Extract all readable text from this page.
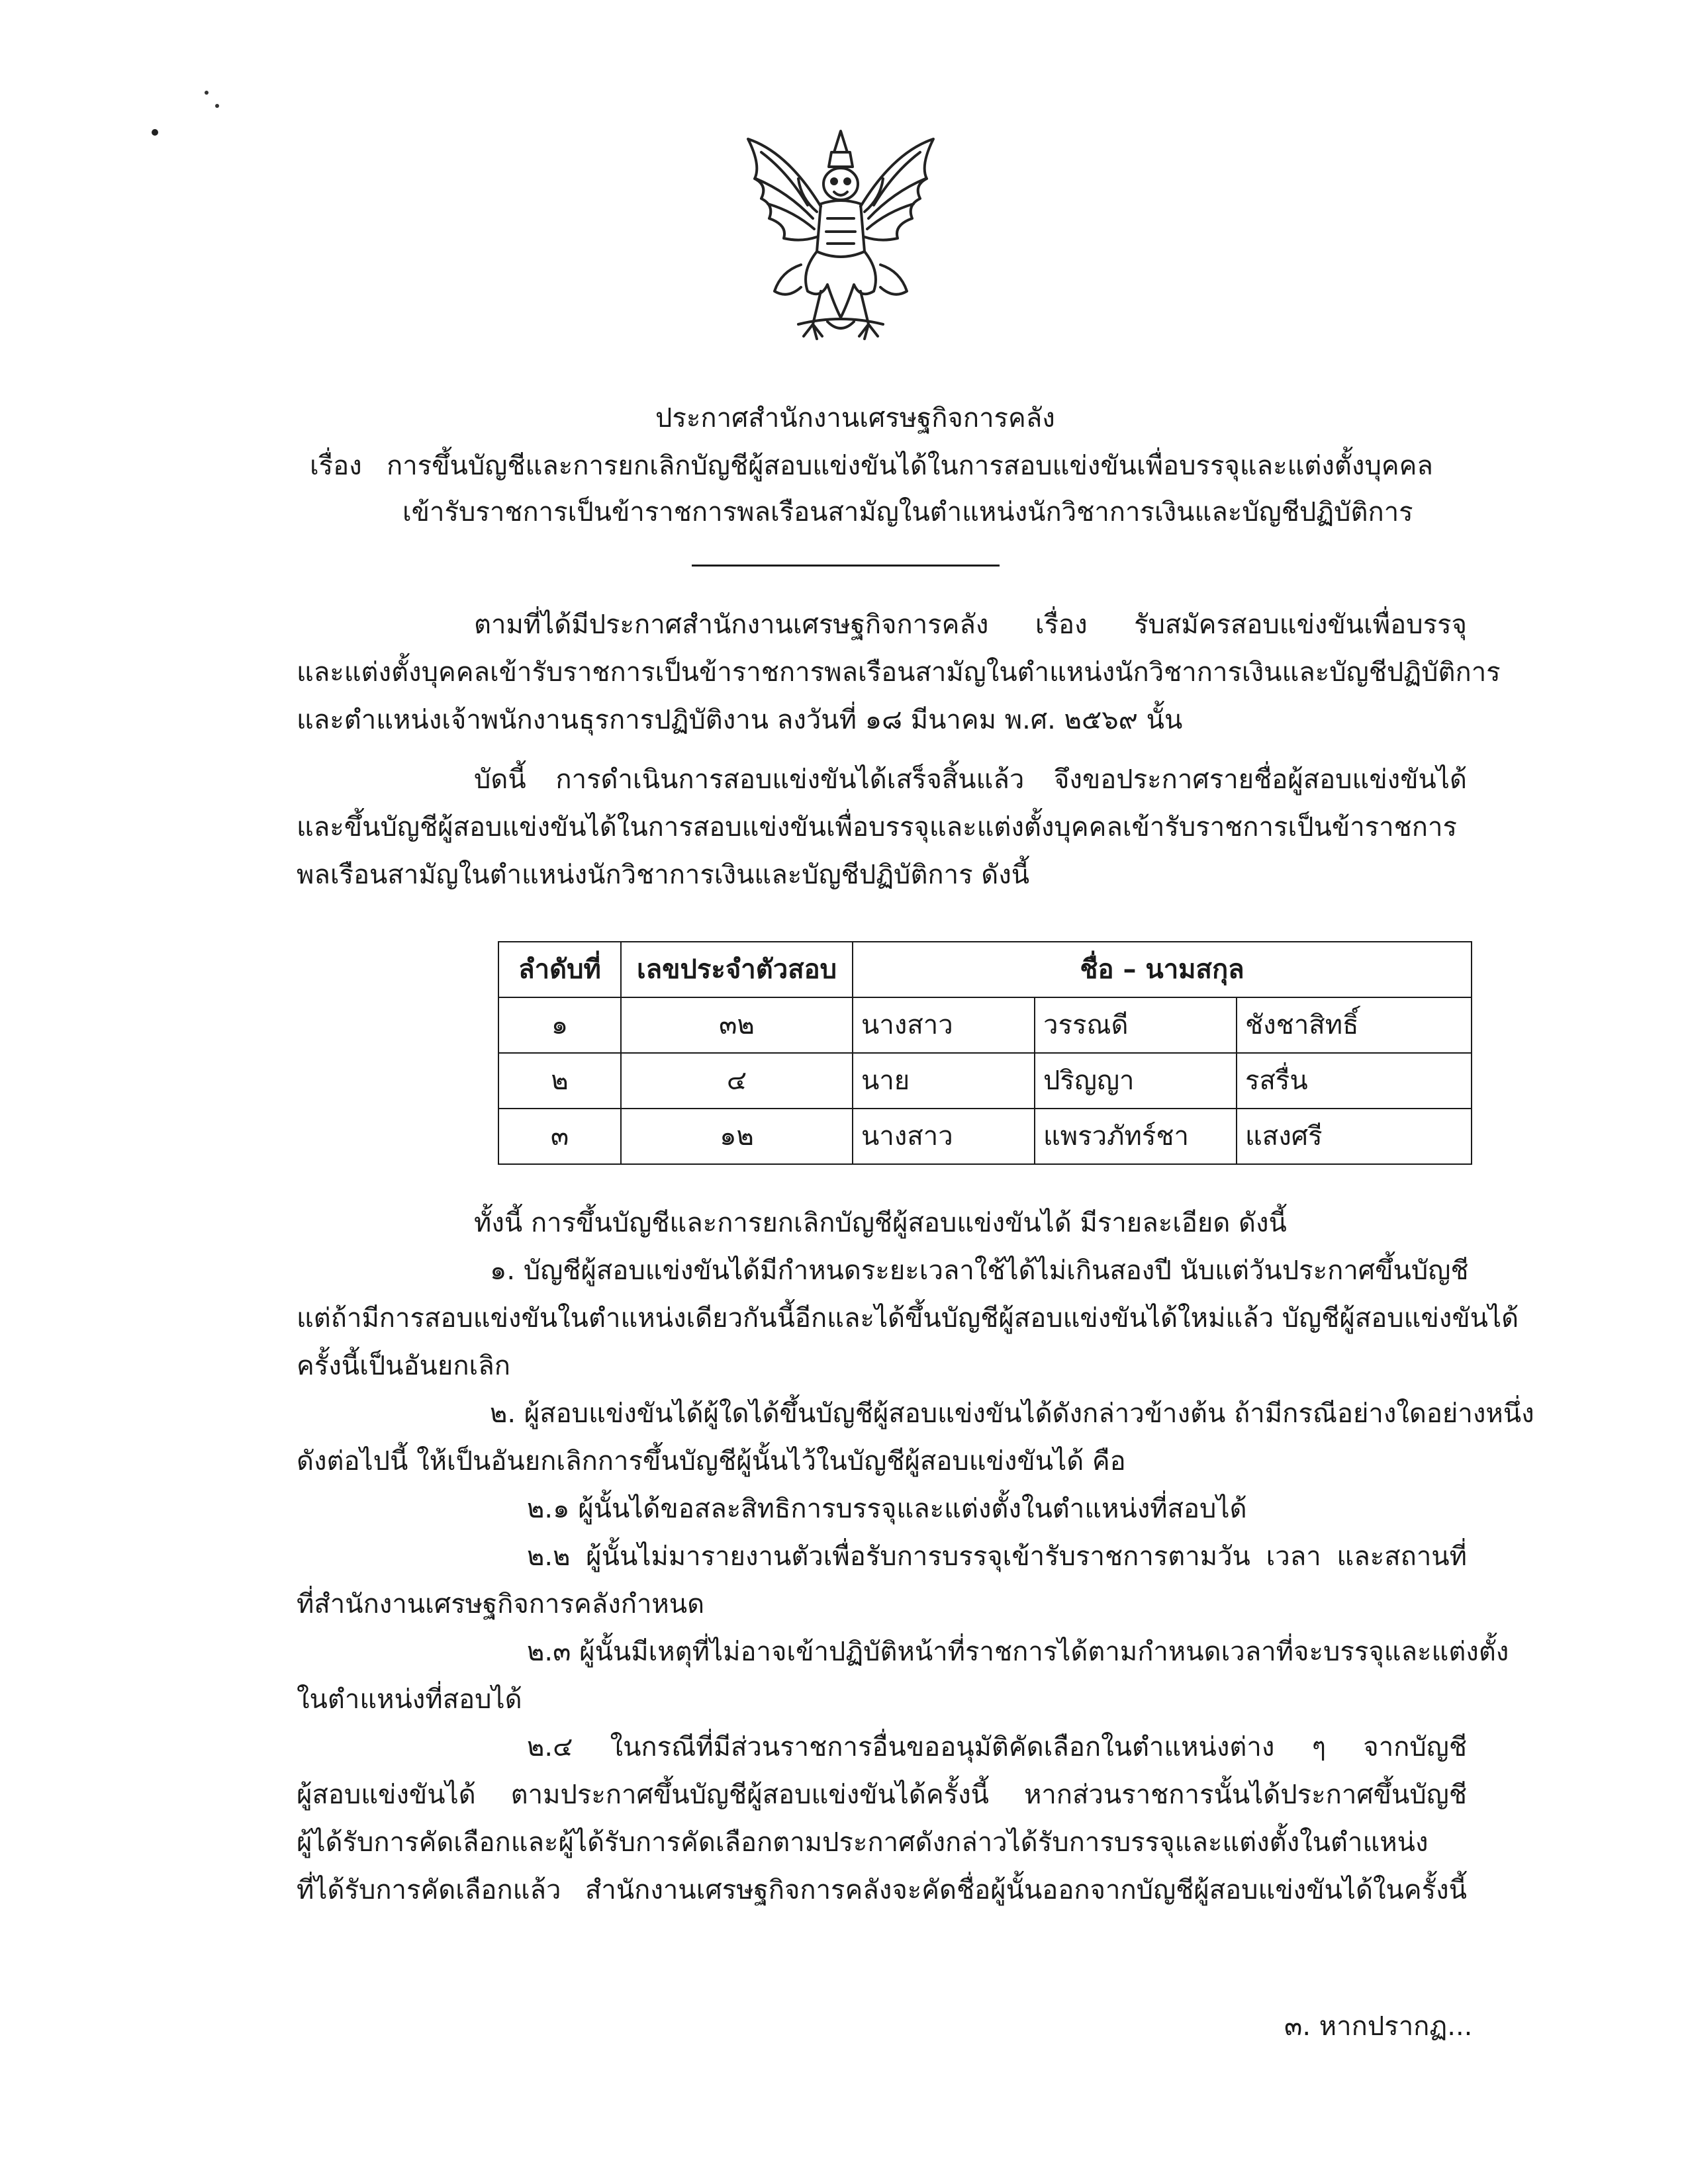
ประกาศสำนักงานเศรษฐกิจการคลัง
เรื่อง การขึ้นบัญชีและการยกเลิกบัญชีผู้สอบแข่งขันได้ในการสอบแข่งขันเพื่อบรรจุและแต่งตั้งบุคคล
เข้ารับราชการเป็นข้าราชการพลเรือนสามัญในตำแหน่งนักวิชาการเงินและบัญชีปฏิบัติการ
ตามที่ได้มีประกาศสำนักงานเศรษฐกิจการคลัง เรื่อง รับสมัครสอบแข่งขันเพื่อบรรจุ
และแต่งตั้งบุคคลเข้ารับราชการเป็นข้าราชการพลเรือนสามัญในตำแหน่งนักวิชาการเงินและบัญชีปฏิบัติการ
และตำแหน่งเจ้าพนักงานธุรการปฏิบัติงาน ลงวันที่ ๑๘ มีนาคม พ.ศ. ๒๕๖๙ นั้น
บัดนี้ การดำเนินการสอบแข่งขันได้เสร็จสิ้นแล้ว จึงขอประกาศรายชื่อผู้สอบแข่งขันได้
และขึ้นบัญชีผู้สอบแข่งขันได้ในการสอบแข่งขันเพื่อบรรจุและแต่งตั้งบุคคลเข้ารับราชการเป็นข้าราชการ
พลเรือนสามัญในตำแหน่งนักวิชาการเงินและบัญชีปฏิบัติการ ดังนี้
ลำดับที่	เลขประจำตัวสอบ	ชื่อ – นามสกุล		
๑	๓๒	นางสาว	วรรณดี	ชังชาสิทธิ์
๒	๔	นาย	ปริญญา	รสรื่น
๓	๑๒	นางสาว	แพรวภัทร์ชา	แสงศรี
ทั้งนี้ การขึ้นบัญชีและการยกเลิกบัญชีผู้สอบแข่งขันได้ มีรายละเอียด ดังนี้
๑. บัญชีผู้สอบแข่งขันได้มีกำหนดระยะเวลาใช้ได้ไม่เกินสองปี นับแต่วันประกาศขึ้นบัญชี
แต่ถ้ามีการสอบแข่งขันในตำแหน่งเดียวกันนี้อีกและได้ขึ้นบัญชีผู้สอบแข่งขันได้ใหม่แล้ว บัญชีผู้สอบแข่งขันได้
ครั้งนี้เป็นอันยกเลิก
๒. ผู้สอบแข่งขันได้ผู้ใดได้ขึ้นบัญชีผู้สอบแข่งขันได้ดังกล่าวข้างต้น ถ้ามีกรณีอย่างใดอย่างหนึ่ง
ดังต่อไปนี้ ให้เป็นอันยกเลิกการขึ้นบัญชีผู้นั้นไว้ในบัญชีผู้สอบแข่งขันได้ คือ
๒.๑ ผู้นั้นได้ขอสละสิทธิการบรรจุและแต่งตั้งในตำแหน่งที่สอบได้
๒.๒ ผู้นั้นไม่มารายงานตัวเพื่อรับการบรรจุเข้ารับราชการตามวัน เวลา และสถานที่
ที่สำนักงานเศรษฐกิจการคลังกำหนด
๒.๓ ผู้นั้นมีเหตุที่ไม่อาจเข้าปฏิบัติหน้าที่ราชการได้ตามกำหนดเวลาที่จะบรรจุและแต่งตั้ง
ในตำแหน่งที่สอบได้
๒.๔ ในกรณีที่มีส่วนราชการอื่นขออนุมัติคัดเลือกในตำแหน่งต่าง ๆ จากบัญชี
ผู้สอบแข่งขันได้ ตามประกาศขึ้นบัญชีผู้สอบแข่งขันได้ครั้งนี้ หากส่วนราชการนั้นได้ประกาศขึ้นบัญชี
ผู้ได้รับการคัดเลือกและผู้ได้รับการคัดเลือกตามประกาศดังกล่าวได้รับการบรรจุและแต่งตั้งในตำแหน่ง
ที่ได้รับการคัดเลือกแล้ว สำนักงานเศรษฐกิจการคลังจะคัดชื่อผู้นั้นออกจากบัญชีผู้สอบแข่งขันได้ในครั้งนี้
๓. หากปรากฏ...
